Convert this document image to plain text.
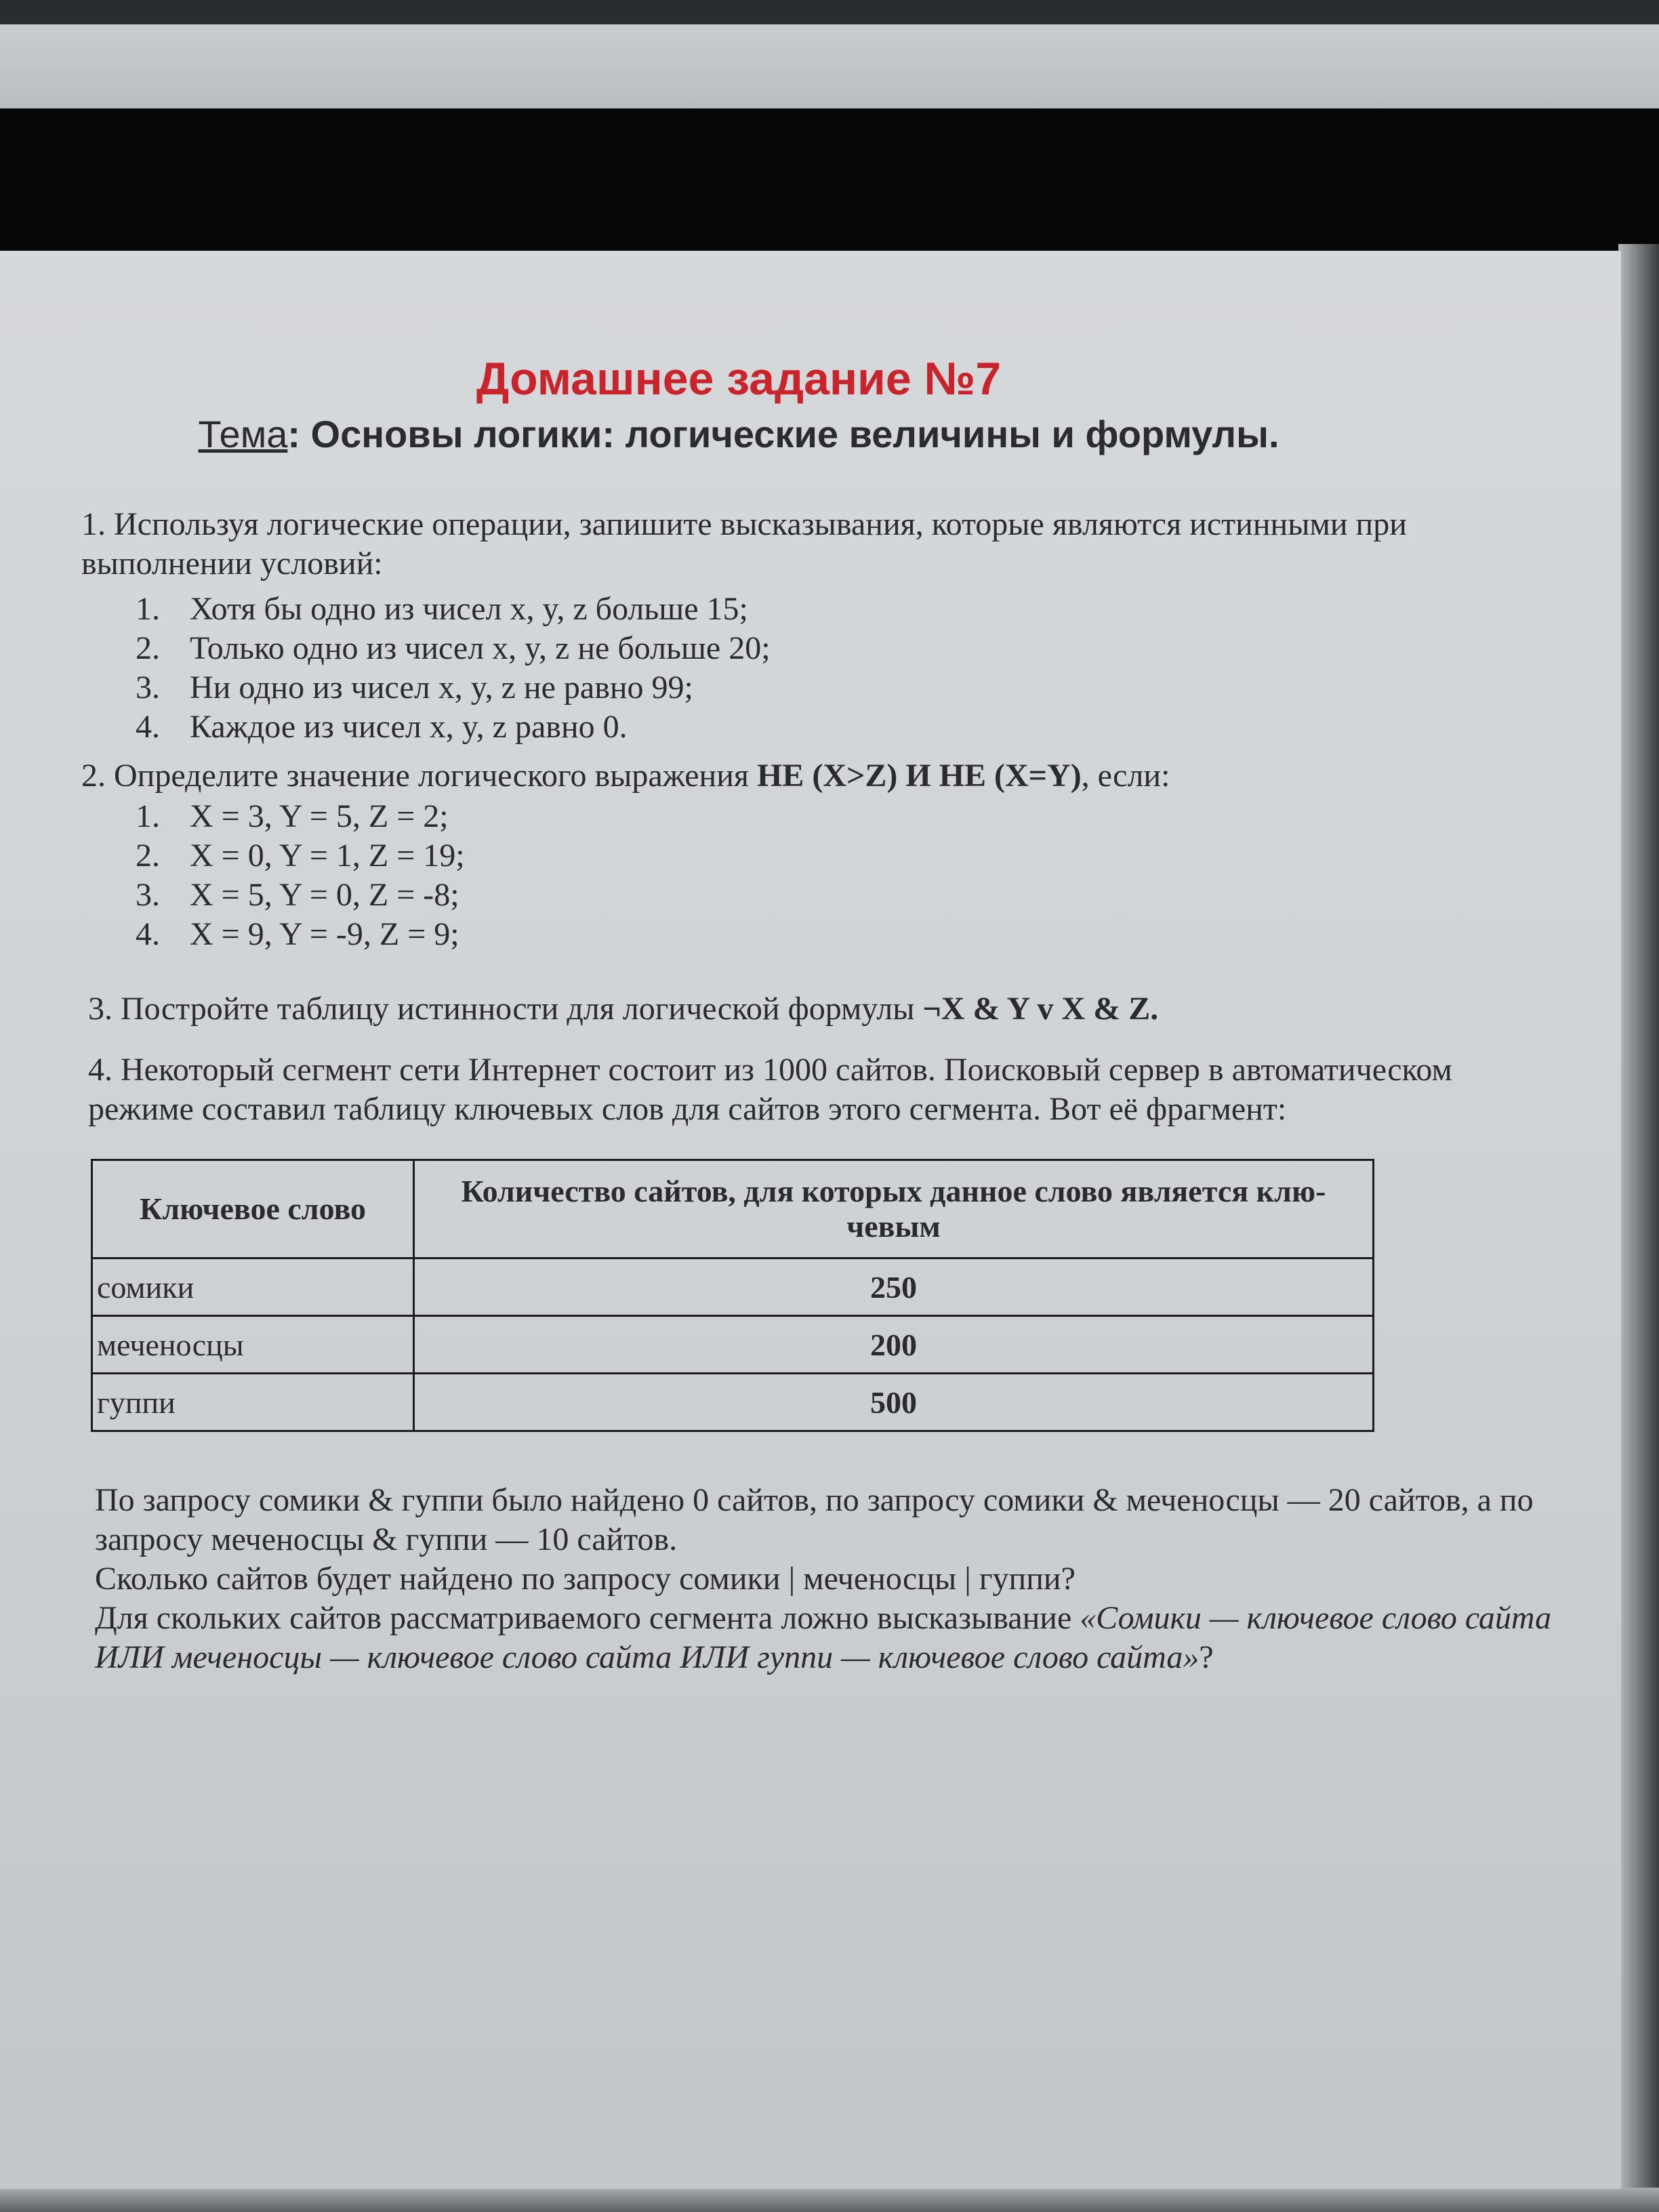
Домашнее задание №7

Тема: Основы логики: логические величины и формулы.

1. Используя логические операции, запишите высказывания, которые являются истинными при выполнении условий:

1. Хотя бы одно из чисел x, y, z больше 15;
2. Только одно из чисел x, y, z не больше 20;
3. Ни одно из чисел x, y, z не равно 99;
4. Каждое из чисел x, y, z равно 0.

2. Определите значение логического выражения НЕ (X>Z) И НЕ (X=Y), если:

1. X = 3, Y = 5, Z = 2;
2. X = 0, Y = 1, Z = 19;
3. X = 5, Y = 0, Z = -8;
4. X = 9, Y = -9, Z = 9;

3. Постройте таблицу истинности для логической формулы ¬X & Y v X & Z.

4. Некоторый сегмент сети Интернет состоит из 1000 сайтов. Поисковый сервер в автоматическом режиме составил таблицу ключевых слов для сайтов этого сегмента. Вот её фрагмент:

Ключевое слово	Количество сайтов, для которых данное слово является клю-чевым
сомики	250
меченосцы	200
гуппи	500

По запросу сомики & гуппи было найдено 0 сайтов, по запросу сомики & меченосцы — 20 сайтов, а по запросу меченосцы & гуппи — 10 сайтов.

Сколько сайтов будет найдено по запросу сомики | меченосцы | гуппи?

Для скольких сайтов рассматриваемого сегмента ложно высказывание «Сомики — ключевое слово сайта ИЛИ меченосцы — ключевое слово сайта ИЛИ гуппи — ключевое слово сайта»?
